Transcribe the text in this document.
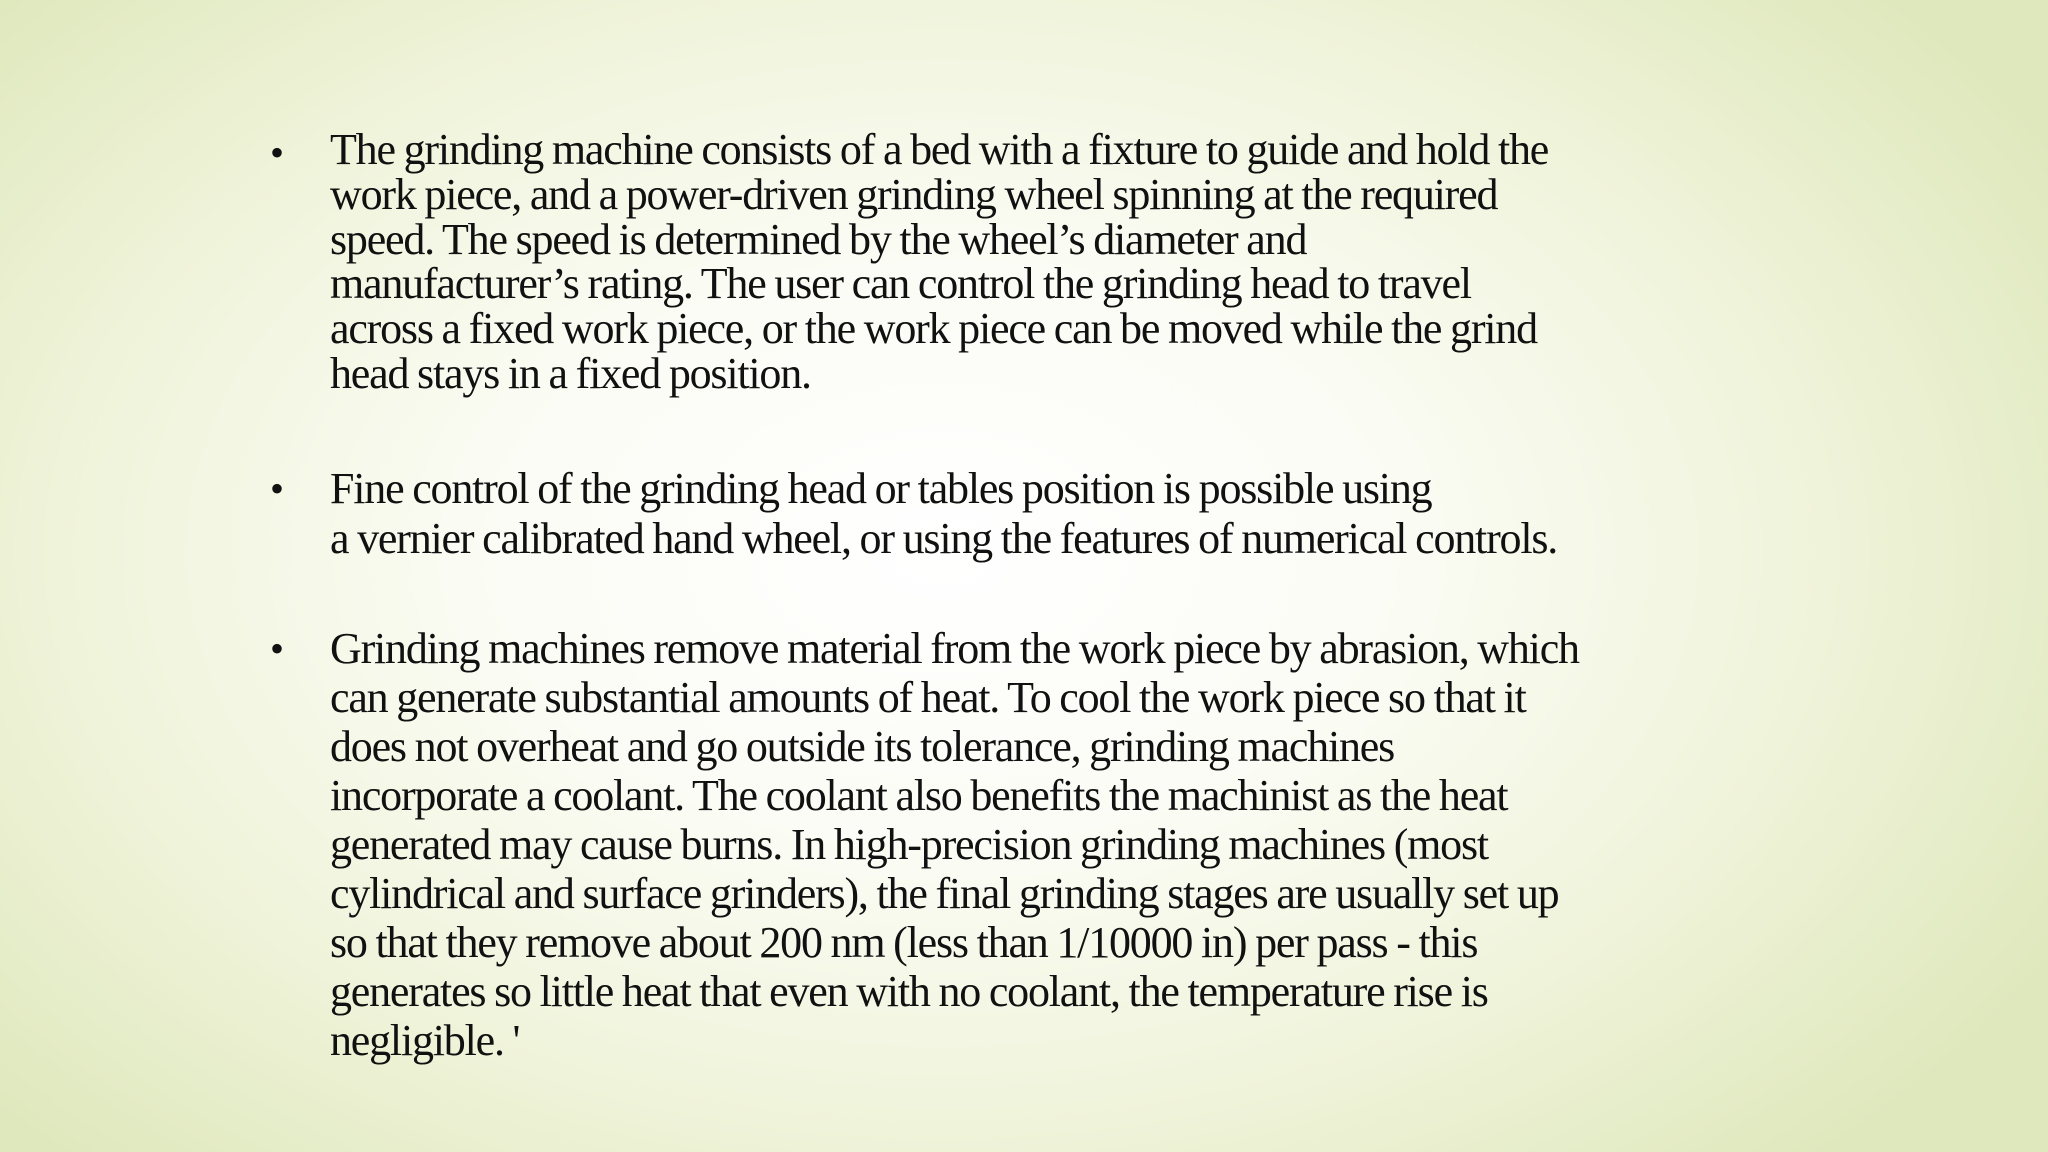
• The grinding machine consists of a bed with a fixture to guide and hold the
work piece, and a power-driven grinding wheel spinning at the required
speed. The speed is determined by the wheel’s diameter and
manufacturer’s rating. The user can control the grinding head to travel
across a fixed work piece, or the work piece can be moved while the grind
head stays in a fixed position.
• Fine control of the grinding head or tables position is possible using
a vernier calibrated hand wheel, or using the features of numerical controls.
• Grinding machines remove material from the work piece by abrasion, which
can generate substantial amounts of heat. To cool the work piece so that it
does not overheat and go outside its tolerance, grinding machines
incorporate a coolant. The coolant also benefits the machinist as the heat
generated may cause burns. In high-precision grinding machines (most
cylindrical and surface grinders), the final grinding stages are usually set up
so that they remove about 200 nm (less than 1/10000 in) per pass - this
generates so little heat that even with no coolant, the temperature rise is
negligible. '
